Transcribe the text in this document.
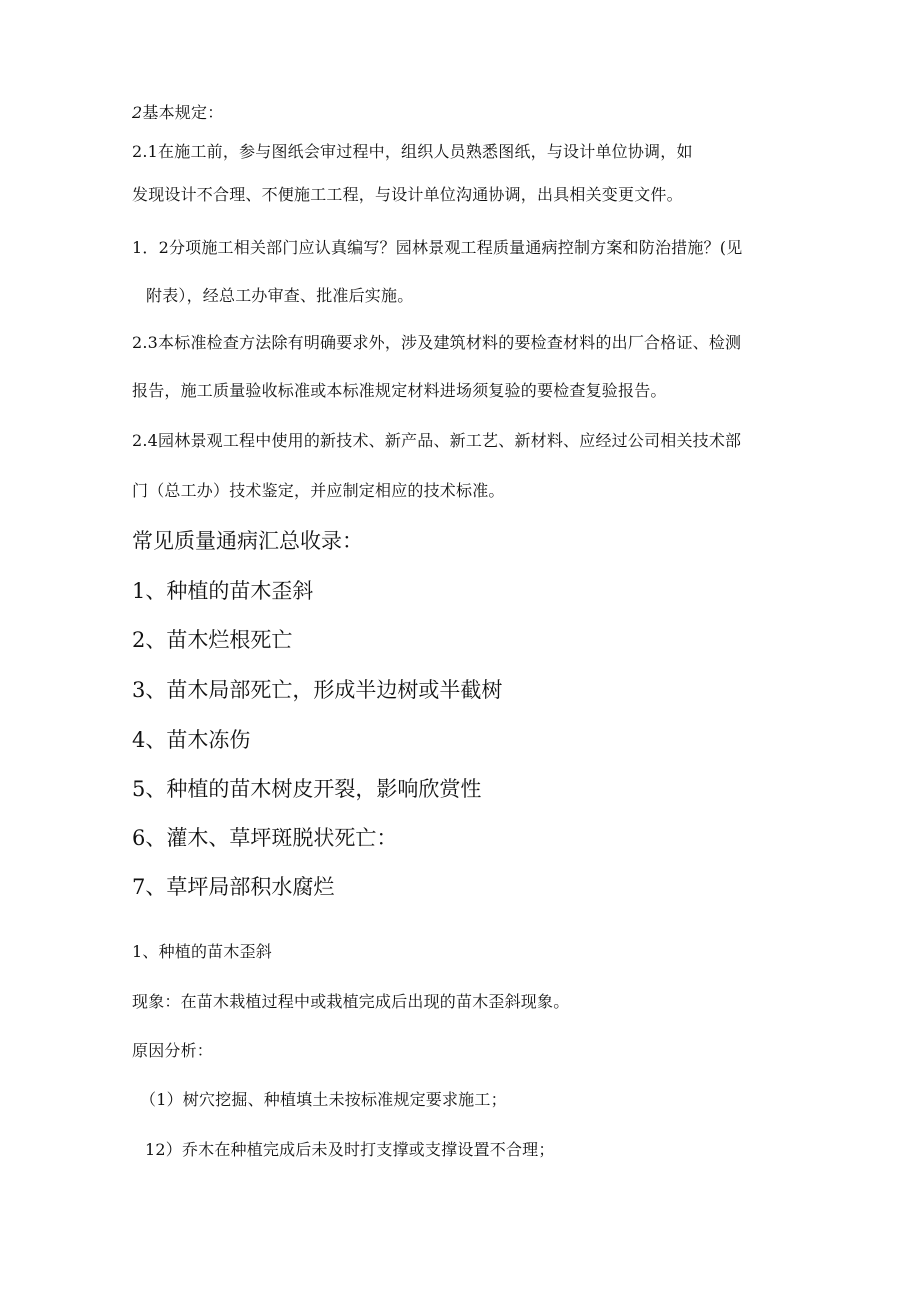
2基本规定：
2.1在施工前，参与图纸会审过程中，组织人员熟悉图纸，与设计单位协调，如
发现设计不合理、不便施工工程，与设计单位沟通协调，出具相关变更文件。
1．2分项施工相关部门应认真编写？园林景观工程质量通病控制方案和防治措施？(见
附表），经总工办审查、批准后实施。
2.3本标准检查方法除有明确要求外，涉及建筑材料的要检查材料的出厂合格证、检测
报告，施工质量验收标准或本标准规定材料进场须复验的要检查复验报告。
2.4园林景观工程中使用的新技术、新产品、新工艺、新材料、应经过公司相关技术部
门（总工办）技术鉴定，并应制定相应的技术标准。
常见质量通病汇总收录：
1、种植的苗木歪斜
2、苗木烂根死亡
3、苗木局部死亡，形成半边树或半截树
4、苗木冻伤
5、种植的苗木树皮开裂，影响欣赏性
6、灌木、草坪斑脱状死亡：
7、草坪局部积水腐烂
1、种植的苗木歪斜
现象：在苗木栽植过程中或栽植完成后出现的苗木歪斜现象。
原因分析：
（1）树穴挖掘、种植填土未按标准规定要求施工；
12）乔木在种植完成后未及时打支撑或支撑设置不合理；
